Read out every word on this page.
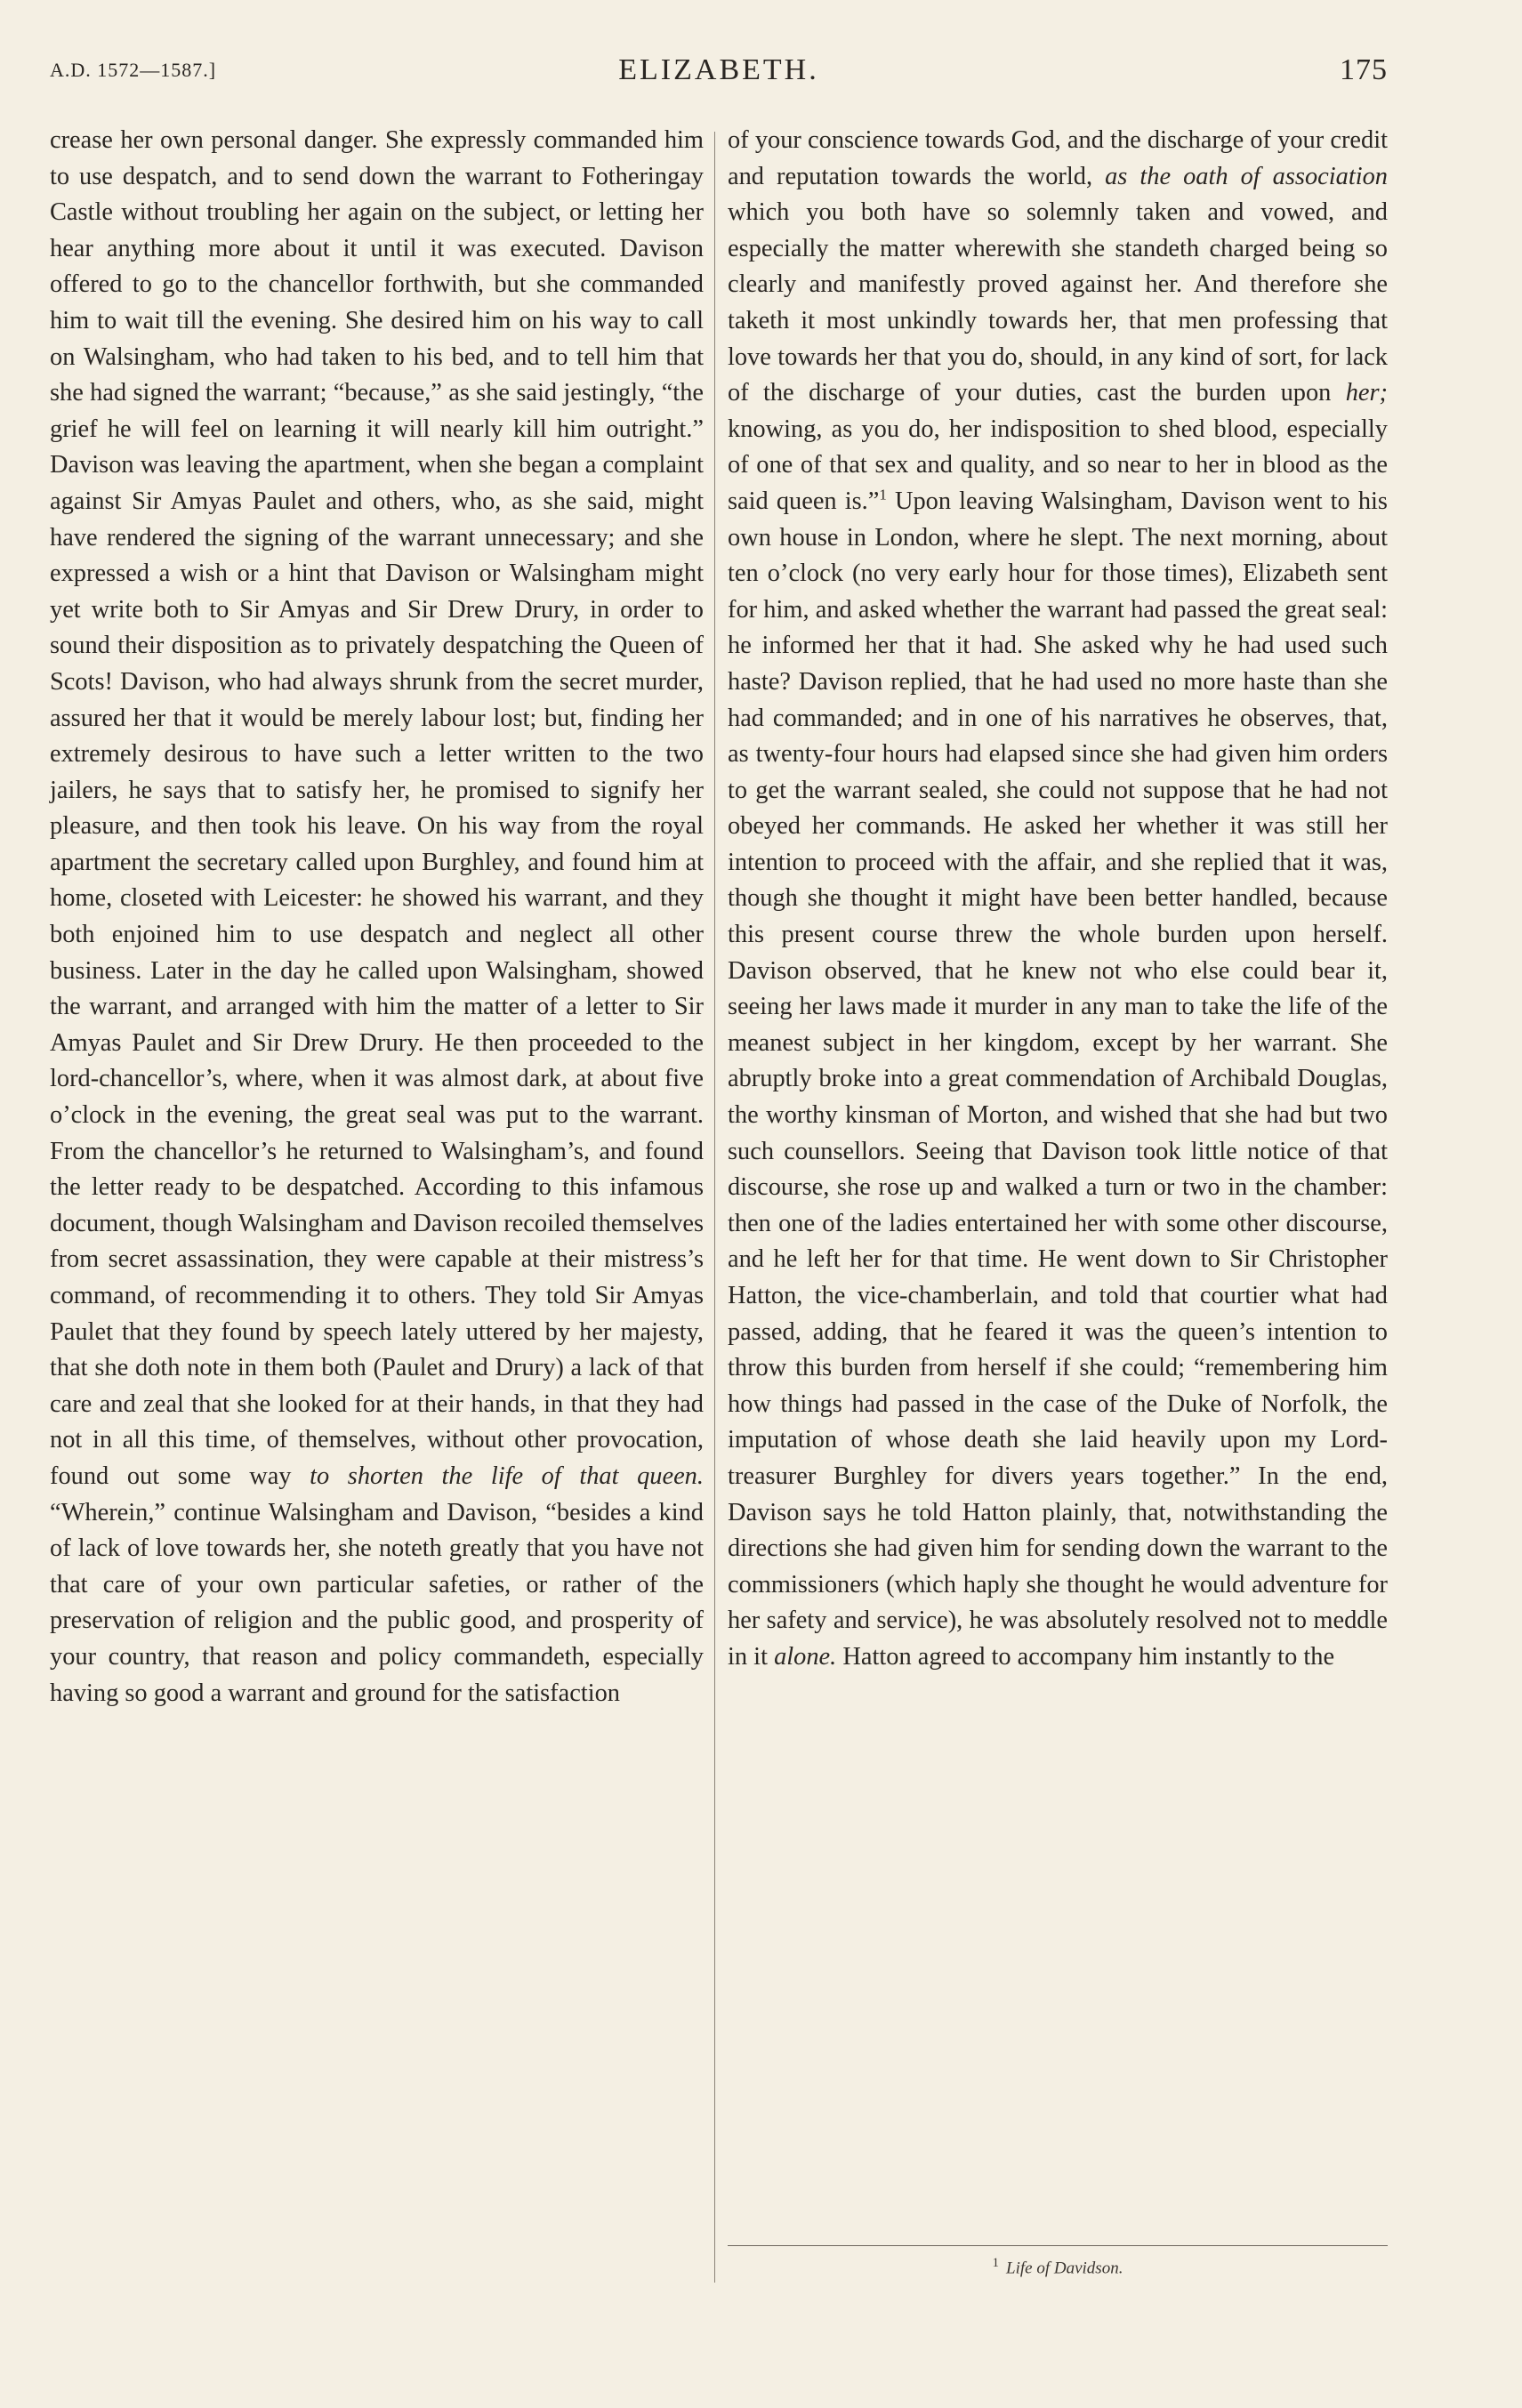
A.D. 1572—1587.]	ELIZABETH.	175

crease her own personal danger. She expressly commanded him to use despatch, and to send down the warrant to Fotheringay Castle without troubling her again on the subject, or letting her hear anything more about it until it was executed. Davison offered to go to the chancellor forthwith, but she commanded him to wait till the evening. She desired him on his way to call on Walsingham, who had taken to his bed, and to tell him that she had signed the warrant; “because,” as she said jestingly, “the grief he will feel on learning it will nearly kill him outright.” Davison was leaving the apartment, when she began a complaint against Sir Amyas Paulet and others, who, as she said, might have rendered the signing of the warrant unnecessary; and she expressed a wish or a hint that Davison or Walsingham might yet write both to Sir Amyas and Sir Drew Drury, in order to sound their disposition as to privately despatching the Queen of Scots! Davison, who had always shrunk from the secret murder, assured her that it would be merely labour lost; but, finding her extremely desirous to have such a letter written to the two jailers, he says that to satisfy her, he promised to signify her pleasure, and then took his leave. On his way from the royal apartment the secretary called upon Burghley, and found him at home, closeted with Leicester: he showed his warrant, and they both enjoined him to use despatch and neglect all other business. Later in the day he called upon Walsingham, showed the warrant, and arranged with him the matter of a letter to Sir Amyas Paulet and Sir Drew Drury. He then proceeded to the lord-chancellor’s, where, when it was almost dark, at about five o’clock in the evening, the great seal was put to the warrant. From the chancellor’s he returned to Walsingham’s, and found the letter ready to be despatched. According to this infamous document, though Walsingham and Davison recoiled themselves from secret assassination, they were capable at their mistress’s command, of recommending it to others. They told Sir Amyas Paulet that they found by speech lately uttered by her majesty, that she doth note in them both (Paulet and Drury) a lack of that care and zeal that she looked for at their hands, in that they had not in all this time, of themselves, without other provocation, found out some way to shorten the life of that queen. “Wherein,” continue Walsingham and Davison, “besides a kind of lack of love towards her, she noteth greatly that you have not that care of your own particular safeties, or rather of the preservation of religion and the public good, and prosperity of your country, that reason and policy commandeth, especially having so good a warrant and ground for the satisfaction

of your conscience towards God, and the discharge of your credit and reputation towards the world, as the oath of association which you both have so solemnly taken and vowed, and especially the matter wherewith she standeth charged being so clearly and manifestly proved against her. And therefore she taketh it most unkindly towards her, that men professing that love towards her that you do, should, in any kind of sort, for lack of the discharge of your duties, cast the burden upon her; knowing, as you do, her indisposition to shed blood, especially of one of that sex and quality, and so near to her in blood as the said queen is.”$^1$ Upon leaving Walsingham, Davison went to his own house in London, where he slept. The next morning, about ten o’clock (no very early hour for those times), Elizabeth sent for him, and asked whether the warrant had passed the great seal: he informed her that it had. She asked why he had used such haste? Davison replied, that he had used no more haste than she had commanded; and in one of his narratives he observes, that, as twenty-four hours had elapsed since she had given him orders to get the warrant sealed, she could not suppose that he had not obeyed her commands. He asked her whether it was still her intention to proceed with the affair, and she replied that it was, though she thought it might have been better handled, because this present course threw the whole burden upon herself. Davison observed, that he knew not who else could bear it, seeing her laws made it murder in any man to take the life of the meanest subject in her kingdom, except by her warrant. She abruptly broke into a great commendation of Archibald Douglas, the worthy kinsman of Morton, and wished that she had but two such counsellors. Seeing that Davison took little notice of that discourse, she rose up and walked a turn or two in the chamber: then one of the ladies entertained her with some other discourse, and he left her for that time. He went down to Sir Christopher Hatton, the vice-chamberlain, and told that courtier what had passed, adding, that he feared it was the queen’s intention to throw this burden from herself if she could; “remembering him how things had passed in the case of the Duke of Norfolk, the imputation of whose death she laid heavily upon my Lord-treasurer Burghley for divers years together.” In the end, Davison says he told Hatton plainly, that, notwithstanding the directions she had given him for sending down the warrant to the commissioners (which haply she thought he would adventure for her safety and service), he was absolutely resolved not to meddle in it alone. Hatton agreed to accompany him instantly to the

$^1$ Life of Davidson.
